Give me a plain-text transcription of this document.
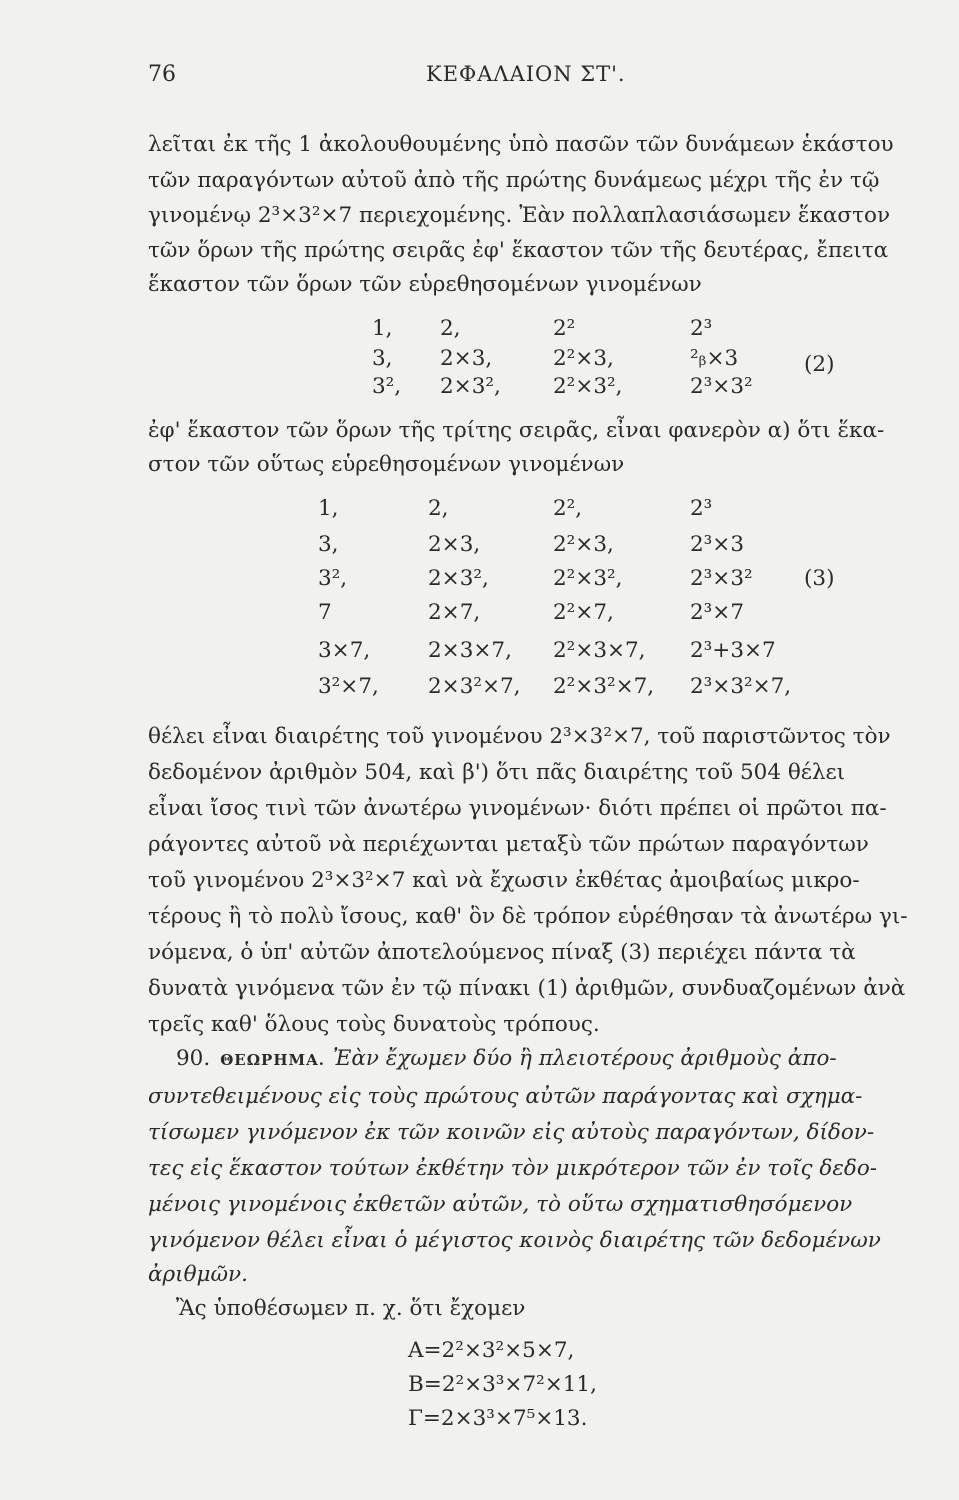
76	ΚΕΦΑΛΑΙΟΝ ΣΤ'.
λεῖται ἐκ τῆς 1 ἀκολουθουμένης ὑπὸ πασῶν τῶν δυνάμεων ἑκάστου
τῶν παραγόντων αὐτοῦ ἀπὸ τῆς πρώτης δυνάμεως μέχρι τῆς ἐν τῷ
γινομένῳ 2³×3²×7 περιεχομένης. Ἐὰν πολλαπλασιάσωμεν ἕκαστον
τῶν ὅρων τῆς πρώτης σειρᾶς ἐφ' ἕκαστον τῶν τῆς δευτέρας, ἔπειτα
ἕκαστον τῶν ὅρων τῶν εὑρεθησομένων γινομένων
1, 2,	2²	2³
3, 2×3,	2²×3,	²ᵦ×3
3², 2×3², 2²×3²,	2³×3²
(2)
ἐφ' ἕκαστον τῶν ὅρων τῆς τρίτης σειρᾶς, εἶναι φανερὸν α) ὅτι ἕκα-
στον τῶν οὕτως εὑρεθησομένων γινομένων
1,	2,	2²,	2³
3,	2×3,	2²×3,	2³×3
3²,	2×3²,	2²×3²,	2³×3²
7	2×7,	2²×7,	2³×7
3×7,	2×3×7, 2²×3×7, 2³+3×7
3²×7, 2×3²×7, 2²×3²×7, 2³×3²×7,
(3)
θέλει εἶναι διαιρέτης τοῦ γινομένου 2³×3²×7, τοῦ παριστῶντος τὸν
δεδομένον ἀριθμὸν 504, καὶ β') ὅτι πᾶς διαιρέτης τοῦ 504 θέλει
εἶναι ἴσος τινὶ τῶν ἀνωτέρω γινομένων· διότι πρέπει οἱ πρῶτοι πα-
ράγοντες αὐτοῦ νὰ περιέχωνται μεταξὺ τῶν πρώτων παραγόντων
τοῦ γινομένου 2³×3²×7 καὶ νὰ ἔχωσιν ἐκθέτας ἀμοιβαίως μικρο-
τέρους ἢ τὸ πολὺ ἴσους, καθ' ὃν δὲ τρόπον εὑρέθησαν τὰ ἀνωτέρω γι-
νόμενα, ὁ ὑπ' αὐτῶν ἀποτελούμενος πίναξ (3) περιέχει πάντα τὰ
δυνατὰ γινόμενα τῶν ἐν τῷ πίνακι (1) ἀριθμῶν, συνδυαζομένων ἀνὰ
τρεῖς καθ' ὅλους τοὺς δυνατοὺς τρόπους.
90. ΘΕΩΡΗΜΑ. Ἐὰν ἔχωμεν δύο ἢ πλειοτέρους ἀριθμοὺς ἀπο-
συντεθειμένους εἰς τοὺς πρώτους αὐτῶν παράγοντας καὶ σχημα-
τίσωμεν γινόμενον ἐκ τῶν κοινῶν εἰς αὐτοὺς παραγόντων, δίδον-
τες εἰς ἕκαστον τούτων ἐκθέτην τὸν μικρότερον τῶν ἐν τοῖς δεδο-
μένοις γινομένοις ἐκθετῶν αὐτῶν, τὸ οὕτω σχηματισθησόμενον
γινόμενον θέλει εἶναι ὁ μέγιστος κοινὸς διαιρέτης τῶν δεδομένων
ἀριθμῶν.
Ἂς ὑποθέσωμεν π. χ. ὅτι ἔχομεν
Α=2²×3²×5×7,
Β=2²×3³×7²×11,
Γ=2×3³×7⁵×13.
